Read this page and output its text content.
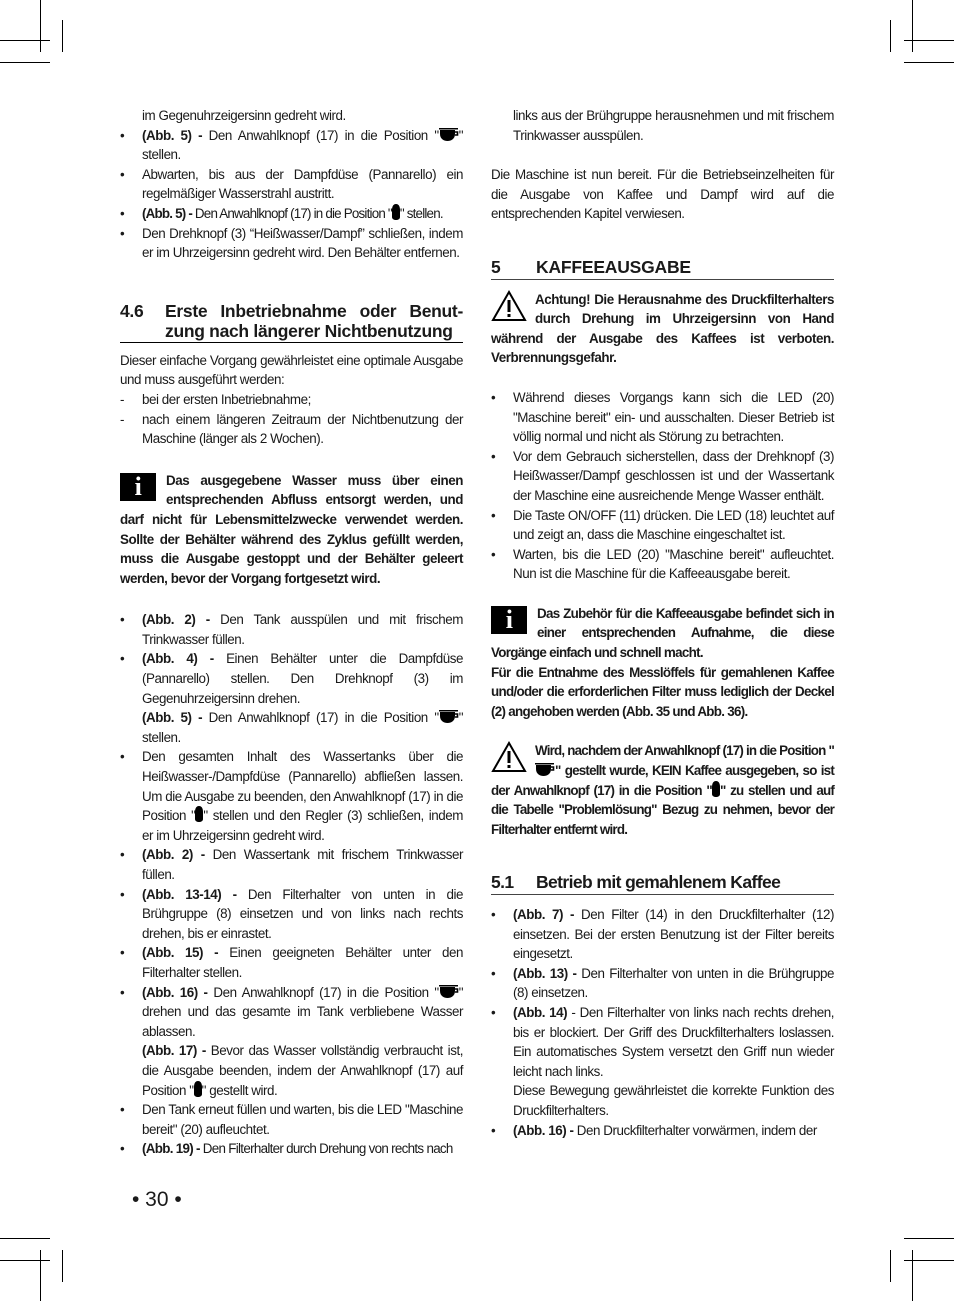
im Gegenuhrzeigersinn gedreht wird.
• (Abb. 5) - Den Anwahlknopf (17) in die Position " " stellen.
• Abwarten, bis aus der Dampfdüse (Pannarello) ein regelmäßiger Wasserstrahl austritt.
• (Abb. 5) - Den Anwahlknopf (17) in die Position " " stellen.
• Den Drehknopf (3) “Heißwasser/Dampf” schließen, indem er im Uhrzeigersinn gedreht wird. Den Behälter entfernen.
4.6	Erste Inbetriebnahme oder Benut-
zung nach längerer Nichtbenutzung
Dieser einfache Vorgang gewährleistet eine optimale Ausgabe und muss ausgeführt werden:
- bei der ersten Inbetriebnahme;
- nach einem längeren Zeitraum der Nichtbenutzung der Maschine (länger als 2 Wochen).
i	Das ausgegebene Wasser muss über einen entsprechenden Abfluss entsorgt werden, und darf nicht für Lebensmittelzwecke verwendet werden. Sollte der Behälter während des Zyklus gefüllt werden, muss die Ausgabe gestoppt und der Behälter geleert werden, bevor der Vorgang fortgesetzt wird.
• (Abb. 2) - Den Tank ausspülen und mit frischem Trinkwasser füllen.
• (Abb. 4) - Einen Behälter unter die Dampfdüse (Pannarello) stellen. Den Drehknopf (3) im Gegenuhrzeigersinn drehen.
(Abb. 5) - Den Anwahlknopf (17) in die Position " " stellen.
• Den gesamten Inhalt des Wassertanks über die Heißwasser-/Dampfdüse (Pannarello) abfließen lassen. Um die Ausgabe zu beenden, den Anwahlknopf (17) in die Position " " stellen und den Regler (3) schließen, indem er im Uhrzeigersinn gedreht wird.
• (Abb. 2) - Den Wassertank mit frischem Trinkwasser füllen.
• (Abb. 13-14) - Den Filterhalter von unten in die Brühgruppe (8) einsetzen und von links nach rechts drehen, bis er einrastet.
• (Abb. 15) - Einen geeigneten Behälter unter den Filterhalter stellen.
• (Abb. 16) - Den Anwahlknopf (17) in die Position " " drehen und das gesamte im Tank verbliebene Wasser ablassen.
(Abb. 17) - Bevor das Wasser vollständig verbraucht ist, die Ausgabe beenden, indem der Anwahlknopf (17) auf Position " " gestellt wird.
• Den Tank erneut füllen und warten, bis die LED "Maschine bereit" (20) aufleuchtet.
• (Abb. 19) - Den Filterhalter durch Drehung von rechts nach
links aus der Brühgruppe herausnehmen und mit frischem Trinkwasser ausspülen.
Die Maschine ist nun bereit. Für die Betriebseinzelheiten für die Ausgabe von Kaffee und Dampf wird auf die entsprechenden Kapitel verwiesen.
5 KAFFEEAUSGABE
Achtung! Die Herausnahme des Druckfilterhalters durch Drehung im Uhrzeigersinn von Hand während der Ausgabe des Kaffees ist verboten. Verbrennungsgefahr.
• Während dieses Vorgangs kann sich die LED (20) "Maschine bereit" ein- und ausschalten. Dieser Betrieb ist völlig normal und nicht als Störung zu betrachten.
• Vor dem Gebrauch sicherstellen, dass der Drehknopf (3) Heißwasser/Dampf geschlossen ist und der Wassertank der Maschine eine ausreichende Menge Wasser enthält.
• Die Taste ON/OFF (11) drücken. Die LED (18) leuchtet auf und zeigt an, dass die Maschine eingeschaltet ist.
• Warten, bis die LED (20) "Maschine bereit" aufleuchtet. Nun ist die Maschine für die Kaffeeausgabe bereit.
i	Das Zubehör für die Kaffeeausgabe befindet sich in einer entsprechenden Aufnahme, die diese Vorgänge einfach und schnell macht.
Für die Entnahme des Messlöffels für gemahlenen Kaffee und/oder die erforderlichen Filter muss lediglich der Deckel (2) angehoben werden (Abb. 35 und Abb. 36).
Wird, nachdem der Anwahlknopf (17) in die Position "" gestellt wurde, KEIN Kaffee ausgegeben, so ist der Anwahlknopf (17) in die Position " " zu stellen und auf die Tabelle "Problemlösung" Bezug zu nehmen, bevor der Filterhalter entfernt wird.
5.1 Betrieb mit gemahlenem Kaffee
• (Abb. 7) - Den Filter (14) in den Druckfilterhalter (12) einsetzen. Bei der ersten Benutzung ist der Filter bereits eingesetzt.
• (Abb. 13) - Den Filterhalter von unten in die Brühgruppe (8) einsetzen.
• (Abb. 14) - Den Filterhalter von links nach rechts drehen, bis er blockiert. Der Griff des Druckfilterhalters loslassen. Ein automatisches System versetzt den Griff nun wieder leicht nach links.
Diese Bewegung gewährleistet die korrekte Funktion des Druckfilterhalters.
• (Abb. 16) - Den Druckfilterhalter vorwärmen, indem der
• 30 •
